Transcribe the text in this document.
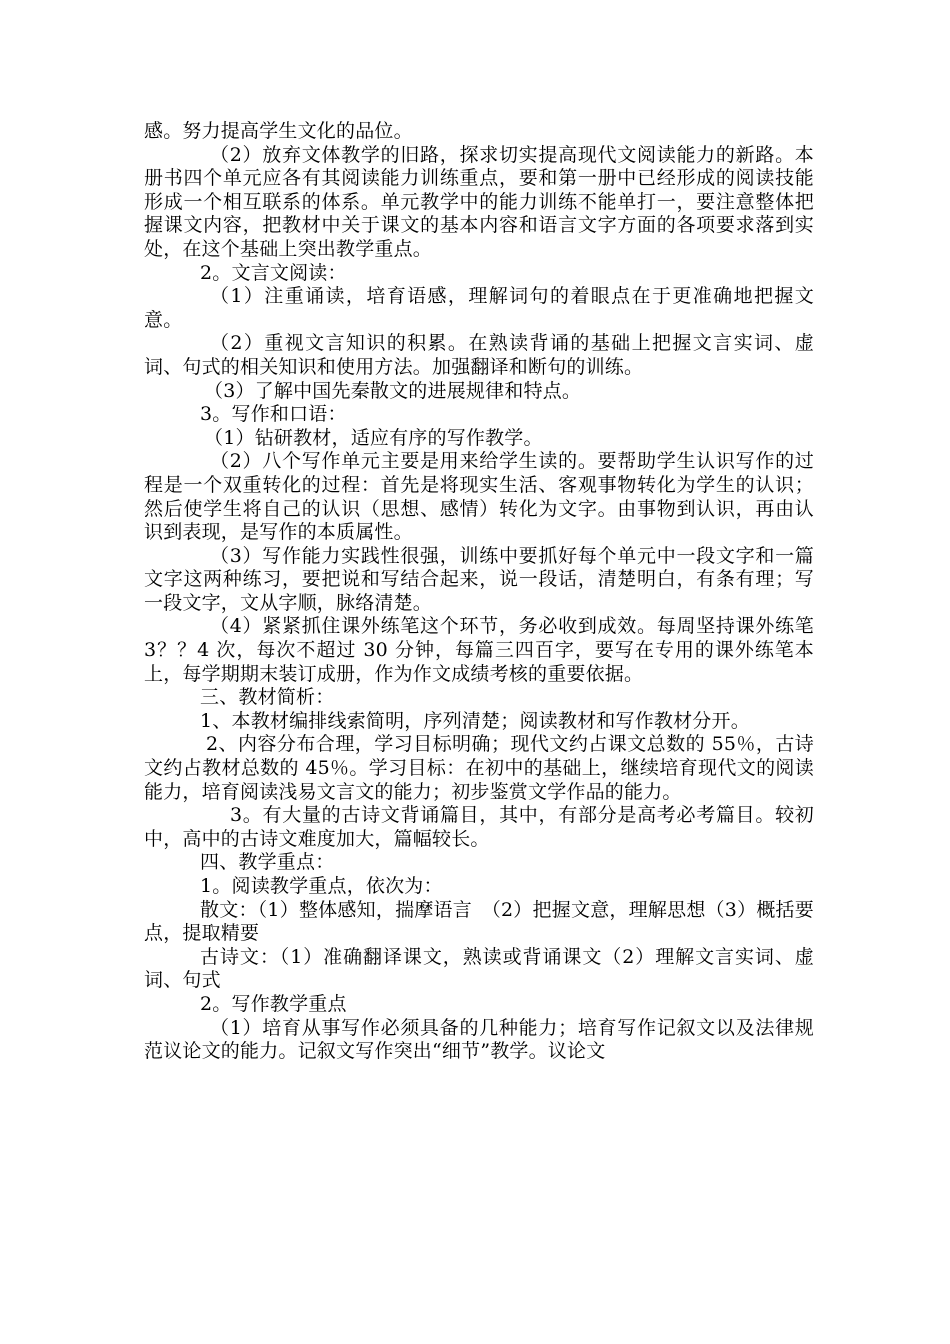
感。努力提高学生文化的品位。

（2）放弃文体教学的旧路，探求切实提高现代文阅读能力的新路。本册书四个单元应各有其阅读能力训练重点，要和第一册中已经形成的阅读技能形成一个相互联系的体系。单元教学中的能力训练不能单打一，要注意整体把握课文内容，把教材中关于课文的基本内容和语言文字方面的各项要求落到实处，在这个基础上突出教学重点。

2。文言文阅读：

（1）注重诵读，培育语感，理解词句的着眼点在于更准确地把握文意。

（2）重视文言知识的积累。在熟读背诵的基础上把握文言实词、虚词、句式的相关知识和使用方法。加强翻译和断句的训练。

（3）了解中国先秦散文的进展规律和特点。

3。写作和口语：

（1）钻研教材，适应有序的写作教学。

（2）八个写作单元主要是用来给学生读的。要帮助学生认识写作的过程是一个双重转化的过程：首先是将现实生活、客观事物转化为学生的认识；然后使学生将自己的认识（思想、感情）转化为文字。由事物到认识，再由认识到表现，是写作的本质属性。

（3）写作能力实践性很强，训练中要抓好每个单元中一段文字和一篇文字这两种练习，要把说和写结合起来，说一段话，清楚明白，有条有理；写一段文字，文从字顺，脉络清楚。

（4）紧紧抓住课外练笔这个环节，务必收到成效。每周坚持课外练笔 3？？4 次，每次不超过 30 分钟，每篇三四百字，要写在专用的课外练笔本上，每学期期末装订成册，作为作文成绩考核的重要依据。

三、教材简析：

1、本教材编排线索简明，序列清楚；阅读教材和写作教材分开。

2、内容分布合理，学习目标明确；现代文约占课文总数的 55％，古诗文约占教材总数的 45％。学习目标：在初中的基础上，继续培育现代文的阅读能力，培育阅读浅易文言文的能力；初步鉴赏文学作品的能力。

3。有大量的古诗文背诵篇目，其中，有部分是高考必考篇目。较初中，高中的古诗文难度加大，篇幅较长。

四、教学重点：

1。阅读教学重点，依次为：

散文：（1）整体感知，揣摩语言　（2）把握文意，理解思想（3）概括要点，提取精要

古诗文：（1）准确翻译课文，熟读或背诵课文（2）理解文言实词、虚词、句式

2。写作教学重点

（1）培育从事写作必须具备的几种能力；培育写作记叙文以及法律规范议论文的能力。记叙文写作突出“细节”教学。议论文
